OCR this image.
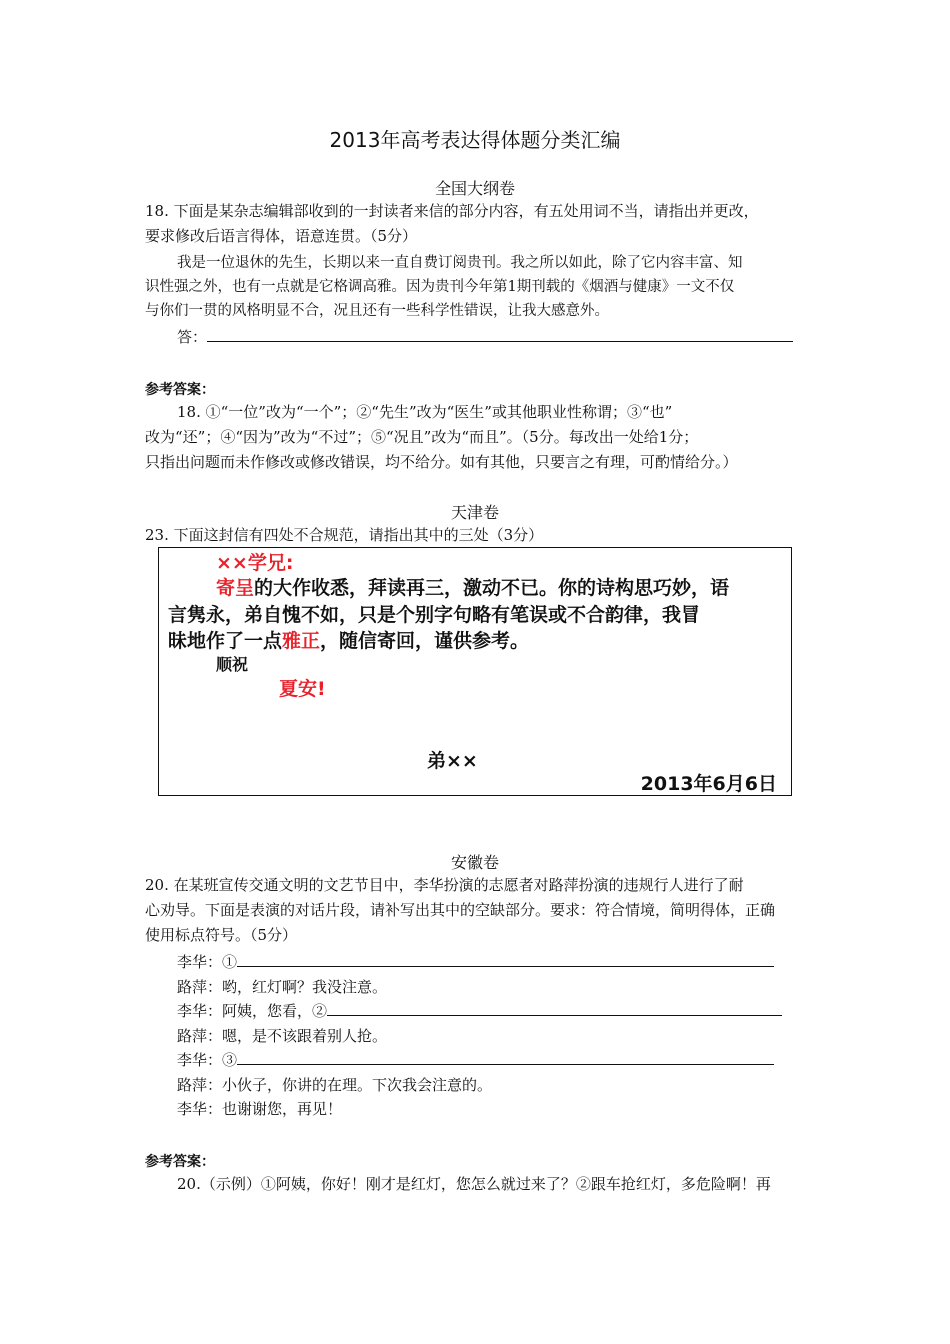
2013年高考表达得体题分类汇编
全国大纲卷
18. 下面是某杂志编辑部收到的一封读者来信的部分内容，有五处用词不当，请指出并更改，
要求修改后语言得体，语意连贯。（5分）
我是一位退休的先生，长期以来一直自费订阅贵刊。我之所以如此，除了它内容丰富、知
识性强之外，也有一点就是它格调高雅。因为贵刊今年第1期刊载的《烟酒与健康》一文不仅
与你们一贯的风格明显不合，况且还有一些科学性错误，让我大感意外。
答：
参考答案：
18. ①“一位”改为“一个”；②“先生”改为“医生”或其他职业性称谓；③“也”
改为“还”；④“因为”改为“不过”；⑤“况且”改为“而且”。（5分。每改出一处给1分；
只指出问题而未作修改或修改错误，均不给分。如有其他，只要言之有理，可酌情给分。）
天津卷
23. 下面这封信有四处不合规范，请指出其中的三处（3分）
××学兄:
寄呈的大作收悉，拜读再三，激动不已。你的诗构思巧妙，语
言隽永，弟自愧不如，只是个别字句略有笔误或不合韵律，我冒
昧地作了一点雅正，随信寄回，谨供参考。
顺祝
夏安!
弟××
2013年6月6日
安徽卷
20. 在某班宣传交通文明的文艺节目中，李华扮演的志愿者对路萍扮演的违规行人进行了耐
心劝导。下面是表演的对话片段，请补写出其中的空缺部分。要求：符合情境，简明得体，正确
使用标点符号。（5分）
李华：①
路萍：哟，红灯啊？我没注意。
李华：阿姨，您看，②
路萍：嗯，是不该跟着别人抢。
李华：③
路萍：小伙子，你讲的在理。下次我会注意的。
李华：也谢谢您，再见！
参考答案：
20.（示例）①阿姨，你好！刚才是红灯，您怎么就过来了？②跟车抢红灯，多危险啊！再
